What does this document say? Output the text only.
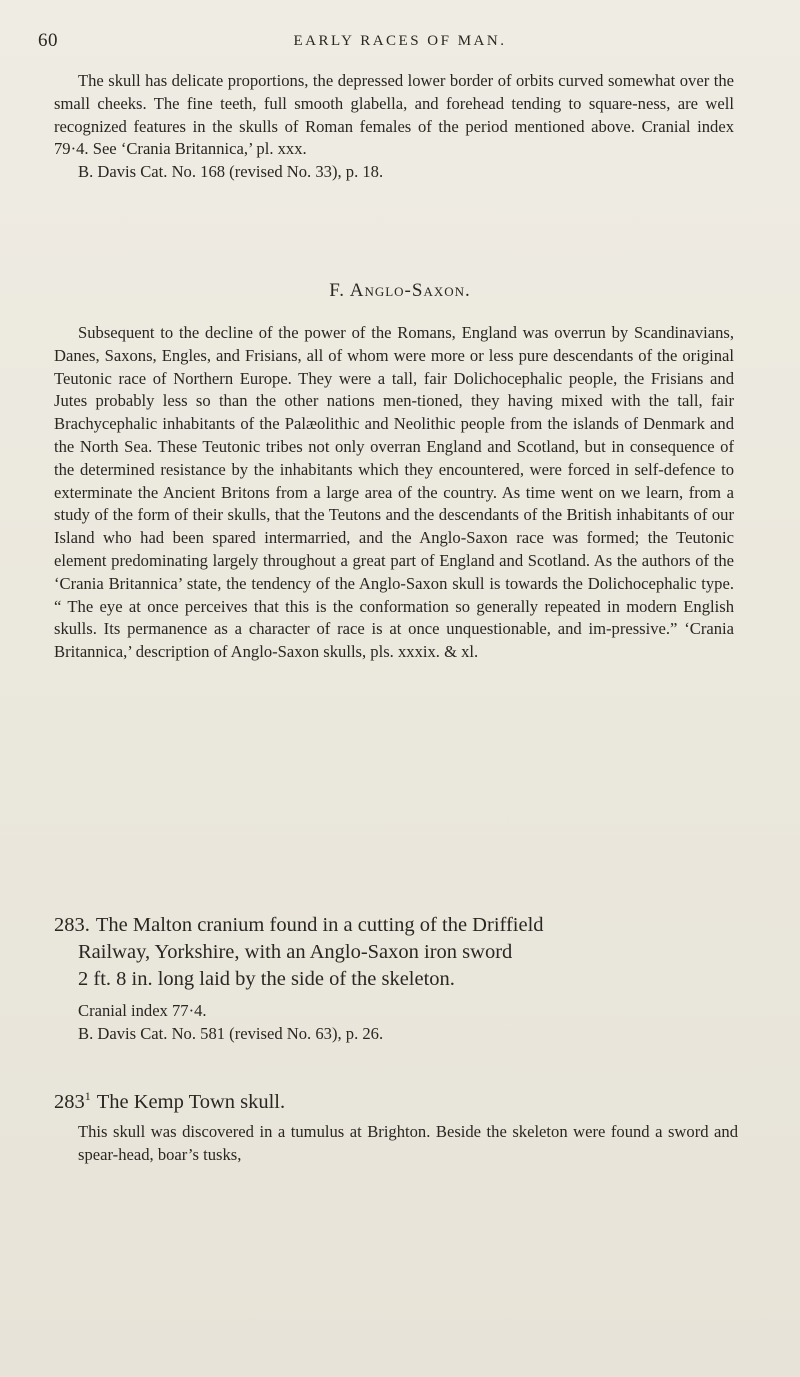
60	EARLY RACES OF MAN.

The skull has delicate proportions, the depressed lower border of orbits curved somewhat over the small cheeks. The fine teeth, full smooth glabella, and forehead tending to square-ness, are well recognized features in the skulls of Roman females of the period mentioned above. Cranial index 79·4. See ‘Crania Britannica,’ pl. xxx.

B. Davis Cat. No. 168 (revised No. 33), p. 18.
F. Anglo-Saxon.

Subsequent to the decline of the power of the Romans, England was overrun by Scandinavians, Danes, Saxons, Engles, and Frisians, all of whom were more or less pure descendants of the original Teutonic race of Northern Europe. They were a tall, fair Dolichocephalic people, the Frisians and Jutes probably less so than the other nations men-tioned, they having mixed with the tall, fair Brachycephalic inhabitants of the Palæolithic and Neolithic people from the islands of Denmark and the North Sea. These Teutonic tribes not only overran England and Scotland, but in consequence of the determined resistance by the inhabitants which they encountered, were forced in self-defence to exterminate the Ancient Britons from a large area of the country. As time went on we learn, from a study of the form of their skulls, that the Teutons and the descendants of the British inhabitants of our Island who had been spared intermarried, and the Anglo-Saxon race was formed; the Teutonic element predominating largely throughout a great part of England and Scotland. As the authors of the ‘Crania Britannica’ state, the tendency of the Anglo-Saxon skull is towards the Dolichocephalic type. “ The eye at once perceives that this is the conformation so generally repeated in modern English skulls. Its permanence as a character of race is at once unquestionable, and im-pressive.” ‘Crania Britannica,’ description of Anglo-Saxon skulls, pls. xxxix. & xl.

283. The Malton cranium found in a cutting of the Driffield
Railway, Yorkshire, with an Anglo-Saxon iron sword
2 ft. 8 in. long laid by the side of the skeleton.
Cranial index 77·4.
B. Davis Cat. No. 581 (revised No. 63), p. 26.
$283^1$ The Kemp Town skull.
This skull was discovered in a tumulus at Brighton. Beside the skeleton were found a sword and spear-head, boar’s tusks,
